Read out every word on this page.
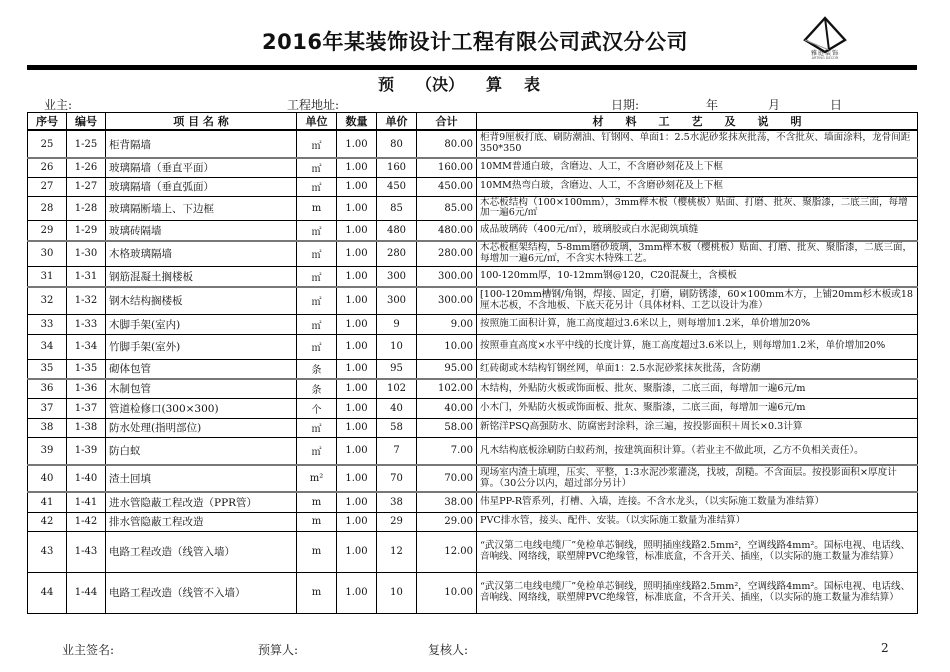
2016年某装饰设计工程有限公司武汉分公司	雅庭装饰
ARTING DECOR
预 （决） 算 表
业主:	工程地址:	日期:	年	月	日
序号	编号	项 目 名 称	单位	数量	单价	合计	材　　料　　工　　艺　　及　　说　　明
25	1-25	柜背隔墙	㎡	1.00	80	80.00	柜背9厘板打底、刷防潮油、钉钢网、单面1：2.5水泥砂浆抹灰批荡，不含批灰、墙面涂料，龙骨间距350*350
26	1-26	玻璃隔墙（垂直平面）	㎡	1.00	160	160.00	10MM普通白玻，含磨边、人工，不含磨砂刻花及上下框
27	1-27	玻璃隔墙（垂直弧面）	㎡	1.00	450	450.00	10MM热弯白玻，含磨边、人工，不含磨砂刻花及上下框
28	1-28	玻璃隔断墙上、下边框	m	1.00	85	85.00	木芯板结构（100×100mm），3mm榉木板（樱桃板）贴面、打磨、批灰、聚脂漆，二底三面，每增加一遍6元/㎡
29	1-29	玻璃砖隔墙	㎡	1.00	480	480.00	成品玻璃砖（400元/㎡），玻璃胶或白水泥砌筑填缝
30	1-30	木格玻璃隔墙	㎡	1.00	280	280.00	木芯板框架结构，5-8mm磨砂玻璃，3mm榉木板（樱桃板）贴面、打磨、批灰、聚脂漆，二底三面，每增加一遍6元/㎡，不含实木特殊工艺。
31	1-31	钢筋混凝土搁楼板	㎡	1.00	300	300.00	100-120mm厚，10-12mm钢@120，C20混凝土，含模板
32	1-32	钢木结构搁楼板	㎡	1.00	300	300.00	[100-120mm槽钢/角钢，焊接、固定，打磨，刷防锈漆，60×100mm木方，上铺20mm杉木板或18厘木芯板，不含地板、下底天花另计（具体材料、工艺以设计为准）
33	1-33	木脚手架(室内)	㎡	1.00	9	9.00	按照施工面积计算，施工高度超过3.6米以上，则每增加1.2米，单价增加20%
34	1-34	竹脚手架(室外)	㎡	1.00	10	10.00	按照垂直高度×水平中线的长度计算，施工高度超过3.6米以上，则每增加1.2米，单价增加20%
35	1-35	砌体包管	条	1.00	95	95.00	红砖砌或木结构钉钢丝网，单面1：2.5水泥砂浆抹灰批荡，含防潮
36	1-36	木制包管	条	1.00	102	102.00	木结构，外贴防火板或饰面板、批灰、聚脂漆，二底三面，每增加一遍6元/m
37	1-37	管道检修口(300×300)	个	1.00	40	40.00	小木门，外贴防火板或饰面板、批灰、聚脂漆，二底三面，每增加一遍6元/m
38	1-38	防水处理(指明部位)	㎡	1.00	58	58.00	新铭洋PSQ高强防水、防腐密封涂料，涂三遍，按投影面积＋周长×0.3计算
39	1-39	防白蚁	㎡	1.00	7	7.00	凡木结构底板涂刷防白蚁药剂，按建筑面积计算。（若业主不做此项，乙方不负相关责任）。
40	1-40	渣土回填	m²	1.00	70	70.00	现场室内渣土填埋，压实、平整，1:3水泥沙浆灌浇，找坡，刮糙。不含面层。按投影面积×厚度计算。（30公分以内，超过部分另计）
41	1-41	进水管隐蔽工程改造（PPR管）	m	1.00	38	38.00	伟星PP-R管系列，打槽、入墙，连接。不含水龙头，（以实际施工数量为准结算）
42	1-42	排水管隐蔽工程改造	m	1.00	29	29.00	PVC排水管，接头、配件、安装。（以实际施工数量为准结算）
43	1-43	电路工程改造（线管入墙）	m	1.00	12	12.00	“武汉第二电线电缆厂”免检单芯铜线，照明插座线路2.5mm²，空调线路4mm²。国标电视、电话线、音响线、网络线，联塑牌PVC绝缘管，标准底盒，不含开关、插座，（以实际的施工数量为准结算）
44	1-44	电路工程改造（线管不入墙）	m	1.00	10	10.00	“武汉第二电线电缆厂”免检单芯铜线，照明插座线路2.5mm²，空调线路4mm²。国标电视、电话线、音响线、网络线，联塑牌PVC绝缘管，标准底盒，不含开关、插座，（以实际的施工数量为准结算）
业主签名:	预算人:	复核人:	2
